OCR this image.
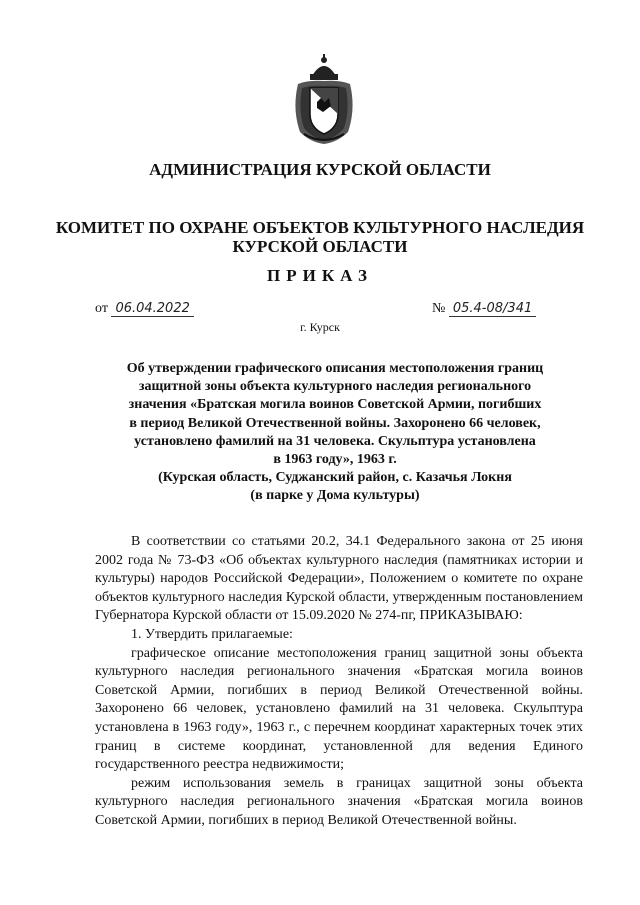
АДМИНИСТРАЦИЯ КУРСКОЙ ОБЛАСТИ
КОМИТЕТ ПО ОХРАНЕ ОБЪЕКТОВ КУЛЬТУРНОГО НАСЛЕДИЯ
КУРСКОЙ ОБЛАСТИ
ПРИКАЗ
от 06.04.2022	№ 05.4-08/341
г. Курск
Об утверждении графического описания местоположения границ
защитной зоны объекта культурного наследия регионального
значения «Братская могила воинов Советской Армии, погибших
в период Великой Отечественной войны. Захоронено 66 человек,
установлено фамилий на 31 человека. Скульптура установлена
в 1963 году», 1963 г.
(Курская область, Суджанский район, с. Казачья Локня
(в парке у Дома культуры)

В соответствии со статьями 20.2, 34.1 Федерального закона от 25 июня 2002 года № 73-ФЗ «Об объектах культурного наследия (памятниках истории и культуры) народов Российской Федерации», Положением о комитете по охране объектов культурного наследия Курской области, утвержденным постановлением Губернатора Курской области от 15.09.2020 № 274-пг, ПРИКАЗЫВАЮ:

1. Утвердить прилагаемые:

графическое описание местоположения границ защитной зоны объекта культурного наследия регионального значения «Братская могила воинов Советской Армии, погибших в период Великой Отечественной войны. Захоронено 66 человек, установлено фамилий на 31 человека. Скульптура установлена в 1963 году», 1963 г., с перечнем координат характерных точек этих границ в системе координат, установленной для ведения Единого государственного реестра недвижимости;

режим использования земель в границах защитной зоны объекта культурного наследия регионального значения «Братская могила воинов Советской Армии, погибших в период Великой Отечественной войны.
